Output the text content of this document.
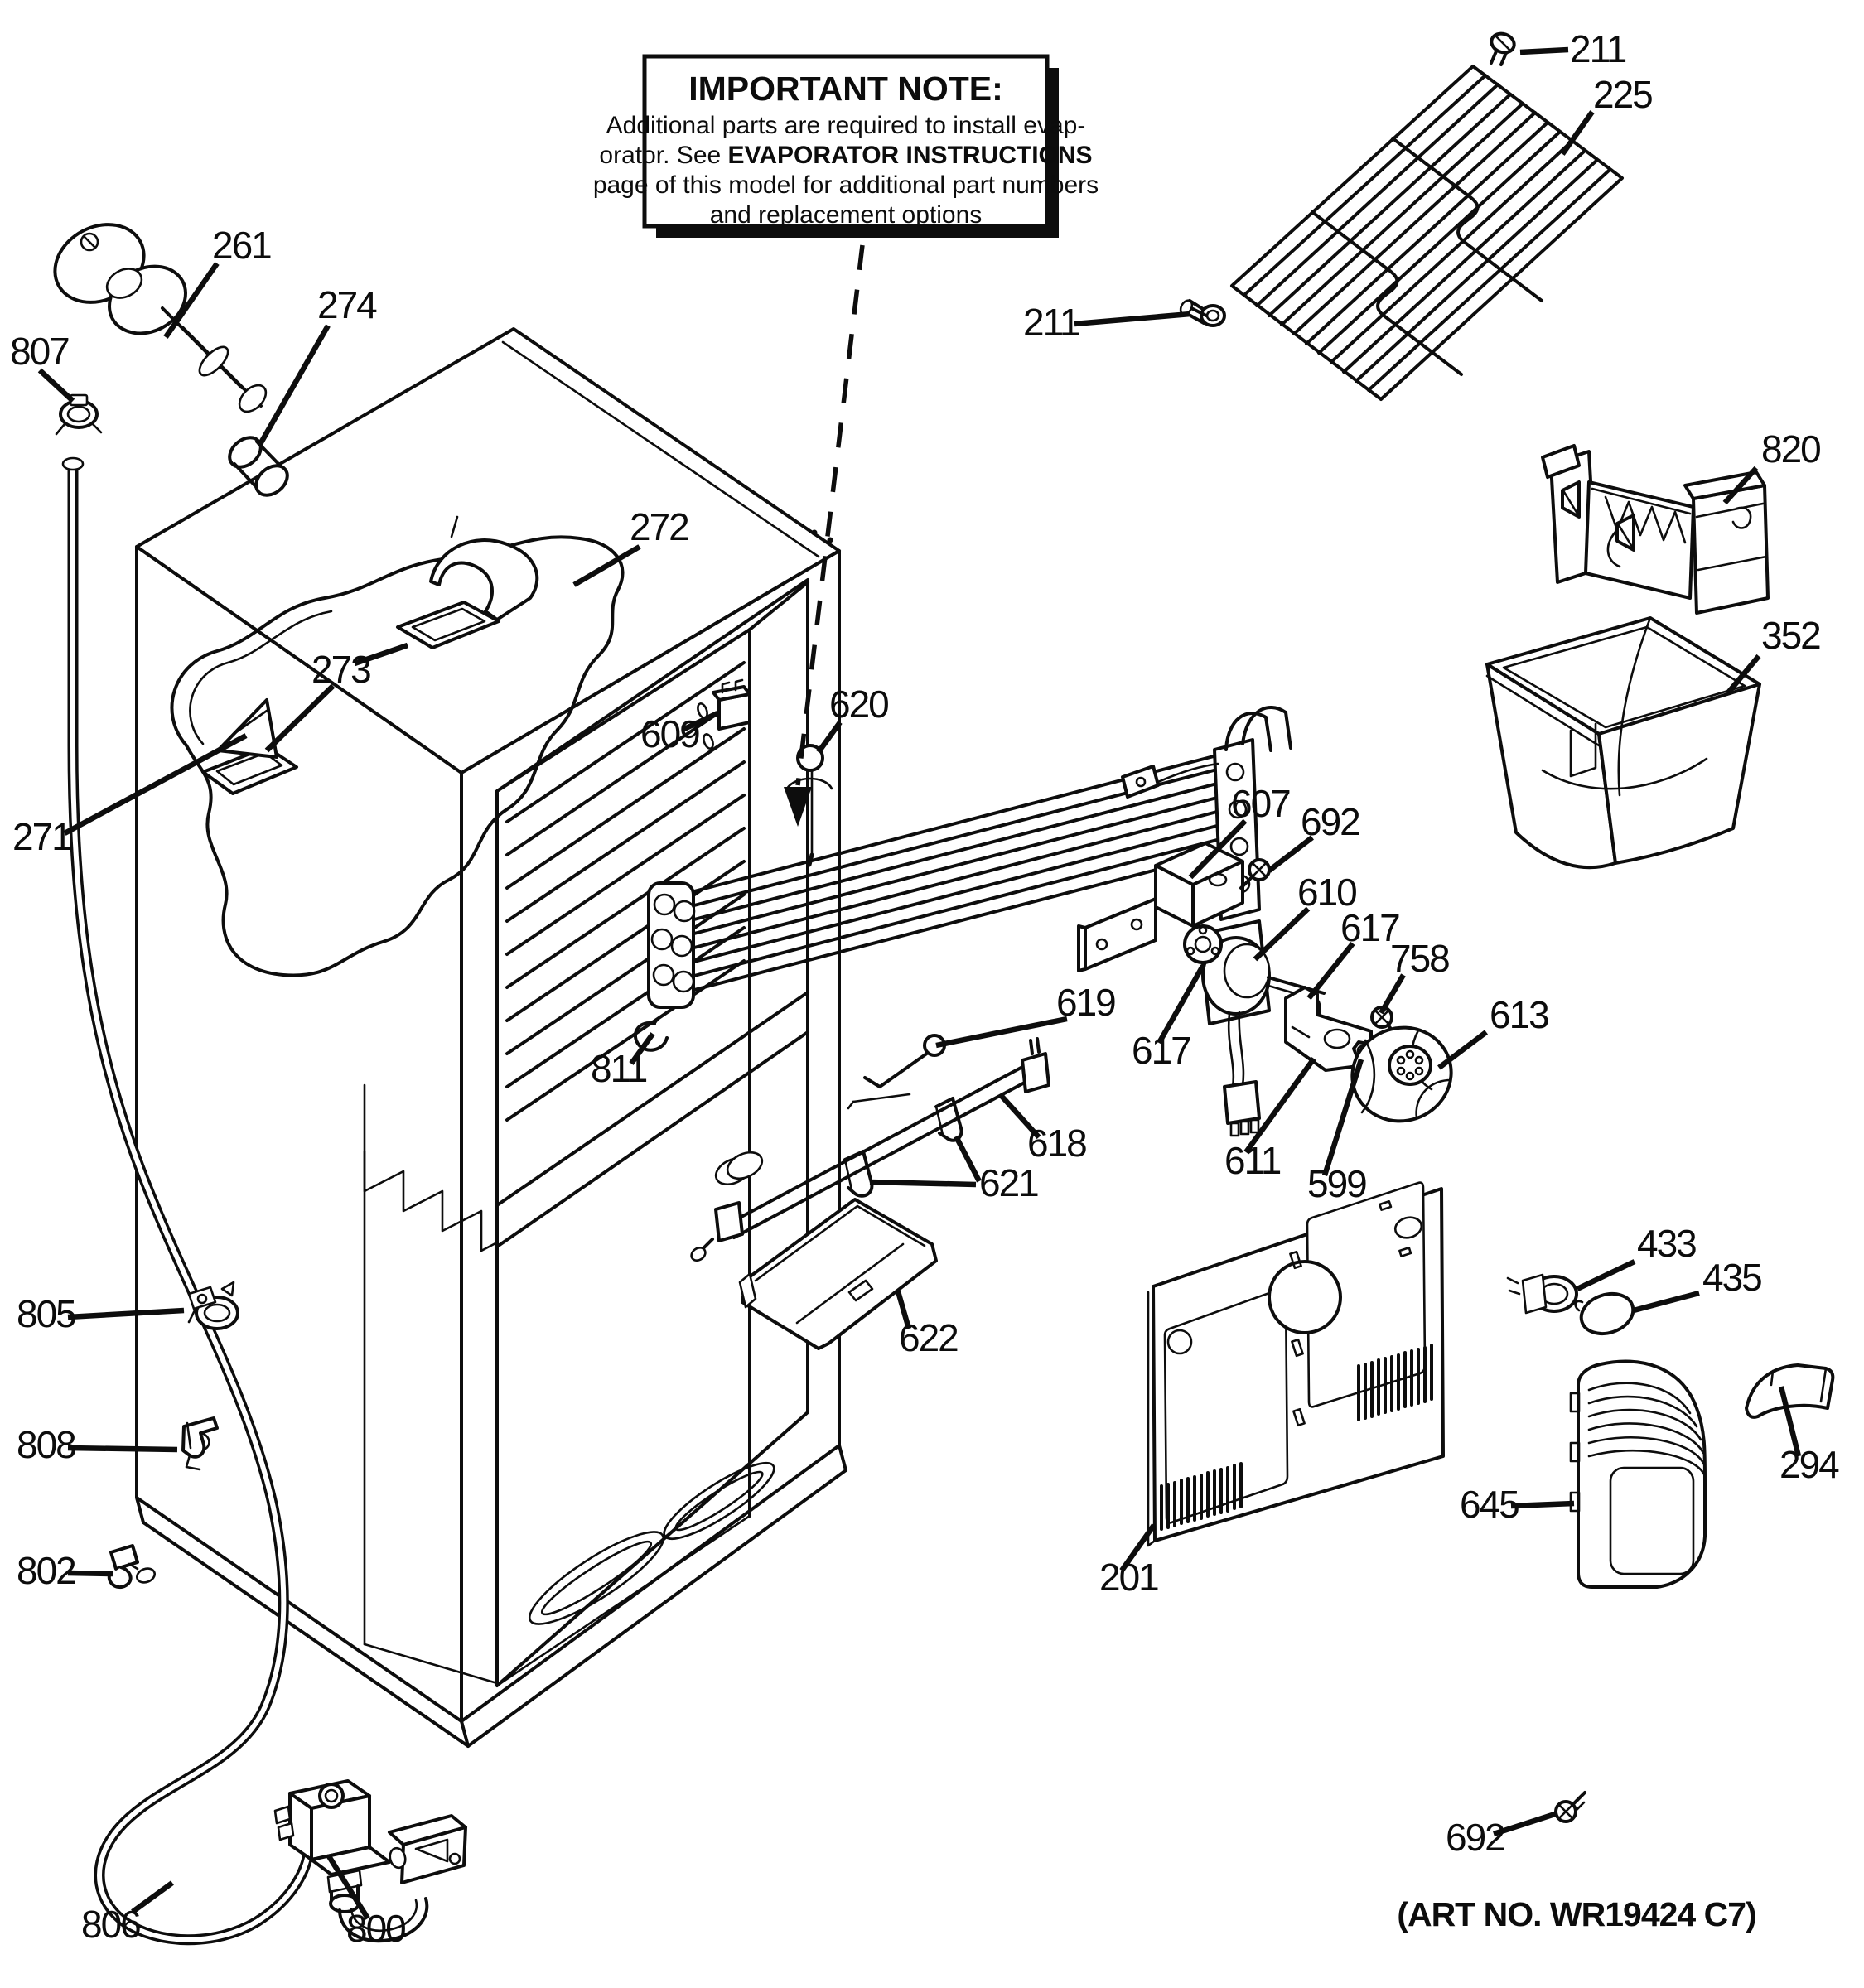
IMPORTANT NOTE:
Additional parts are required to install evap-
orator. See EVAPORATOR INSTRUCTIONS
page of this model for additional part numbers
and replacement options
211
225
820
352
211
261
274
807
272
273
271
609
620
619
618
621
811
622
201
607 692
610
617
758
613
617
611
599
433
435
294
645
692
800
806
805
808
802
(ART NO. WR19424 C7)
